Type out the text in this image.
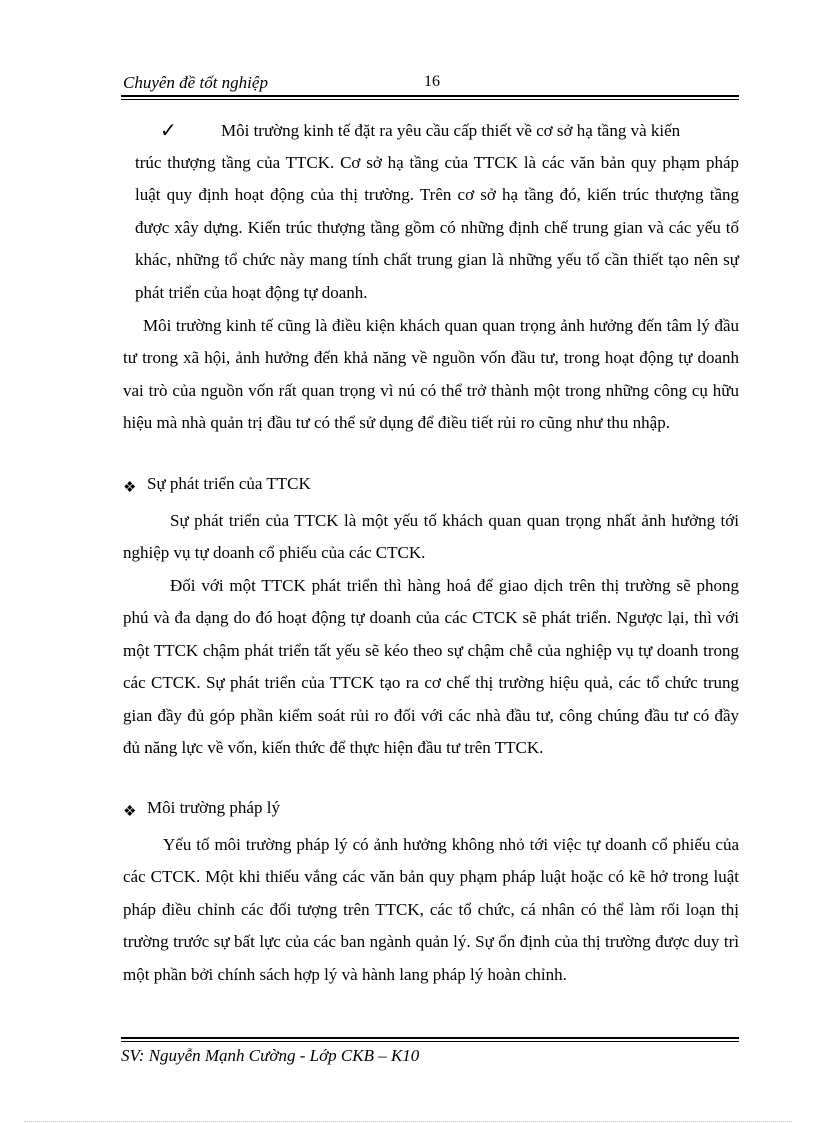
Chuyên đề tốt nghiệp	16
✓	Môi trường kinh tế đặt ra yêu cầu cấp thiết về cơ sở hạ tầng và kiến

trúc thượng tầng của TTCK. Cơ sở hạ tầng của TTCK là các văn bản quy phạm pháp luật quy định hoạt động của thị trường. Trên cơ sở hạ tầng đó, kiến trúc thượng tầng được xây dựng. Kiến trúc thượng tầng gồm có những định chế trung gian và các yếu tố khác, những tổ chức này mang tính chất trung gian là những yếu tố cần thiết tạo nên sự phát triển của hoạt động tự doanh.

Môi trường kinh tế cũng là điều kiện khách quan quan trọng ảnh hưởng đến tâm lý đầu tư trong xã hội, ảnh hưởng đến khả năng về nguồn vốn đầu tư, trong hoạt động tự doanh vai trò của nguồn vốn rất quan trọng vì nú có thể trở thành một trong những công cụ hữu hiệu mà nhà quản trị đầu tư có thể sử dụng để điều tiết rủi ro cũng như thu nhập.

❖ Sự phát triển của TTCK

Sự phát triển của TTCK là một yếu tố khách quan quan trọng nhất ảnh hưởng tới nghiệp vụ tự doanh cổ phiếu của các CTCK.

Đối với một TTCK phát triển thì hàng hoá để giao dịch trên thị trường sẽ phong phú và đa dạng do đó hoạt động tự doanh của các CTCK sẽ phát triển. Ngược lại, thì với một TTCK chậm phát triển tất yếu sẽ kéo theo sự chậm chễ của nghiệp vụ tự doanh trong các CTCK. Sự phát triển của TTCK tạo ra cơ chế thị trường hiệu quả, các tổ chức trung gian đầy đủ góp phần kiểm soát rủi ro đối với các nhà đầu tư, công chúng đầu tư có đầy đủ năng lực về vốn, kiến thức để thực hiện đầu tư trên TTCK.

❖ Môi trường pháp lý

Yếu tố môi trường pháp lý có ảnh hưởng không nhỏ tới việc tự doanh cổ phiếu của các CTCK. Một khi thiếu vắng các văn bản quy phạm pháp luật hoặc có kẽ hở trong luật pháp điều chỉnh các đối tượng trên TTCK, các tổ chức, cá nhân có thể làm rối loạn thị trường trước sự bất lực của các ban ngành quản lý. Sự ổn định của thị trường được duy trì một phần bởi chính sách hợp lý và hành lang pháp lý hoàn chỉnh.

SV: Nguyễn Mạnh Cường - Lớp CKB – K10
